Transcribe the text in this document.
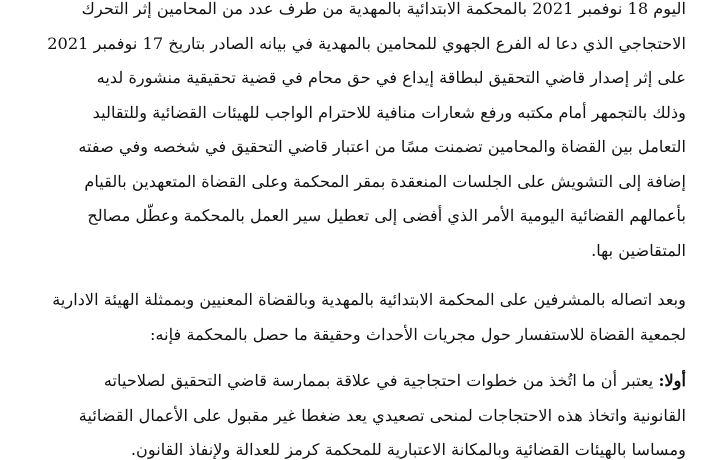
اليوم 18 نوفمبر 2021 بالمحكمة الابتدائية بالمهدية من طرف عدد من المحامين إثر التحرك
الاحتجاجي الذي دعا له الفرع الجهوي للمحامين بالمهدية في بيانه الصادر بتاريخ 17 نوفمبر 2021
على إثر إصدار قاضي التحقيق لبطاقة إيداع في حق محام في قضية تحقيقية منشورة لديه
وذلك بالتجمهر أمام مكتبه ورفع شعارات منافية للاحترام الواجب للهيئات القضائية وللتقاليد
التعامل بين القضاة والمحامين تضمنت مسًا من اعتبار قاضي التحقيق في شخصه وفي صفته
إضافة إلى التشويش على الجلسات المنعقدة بمقر المحكمة وعلى القضاة المتعهدين بالقيام
بأعمالهم القضائية اليومية الأمر الذي أفضى إلى تعطيل سير العمل بالمحكمة وعطّل مصالح
المتقاضين بها.
وبعد اتصاله بالمشرفين على المحكمة الابتدائية بالمهدية وبالقضاة المعنيين وبممثلة الهيئة الادارية
لجمعية القضاة للاستفسار حول مجريات الأحداث وحقيقة ما حصل بالمحكمة فإنه:
أولا: يعتبر أن ما اتُخذ من خطوات احتجاجية في علاقة بممارسة قاضي التحقيق لصلاحياته
القانونية واتخاذ هذه الاحتجاجات لمنحى تصعيدي يعد ضغطا غير مقبول على الأعمال القضائية
ومساسا بالهيئات القضائية وبالمكانة الاعتبارية للمحكمة كرمز للعدالة ولإنفاذ القانون.
